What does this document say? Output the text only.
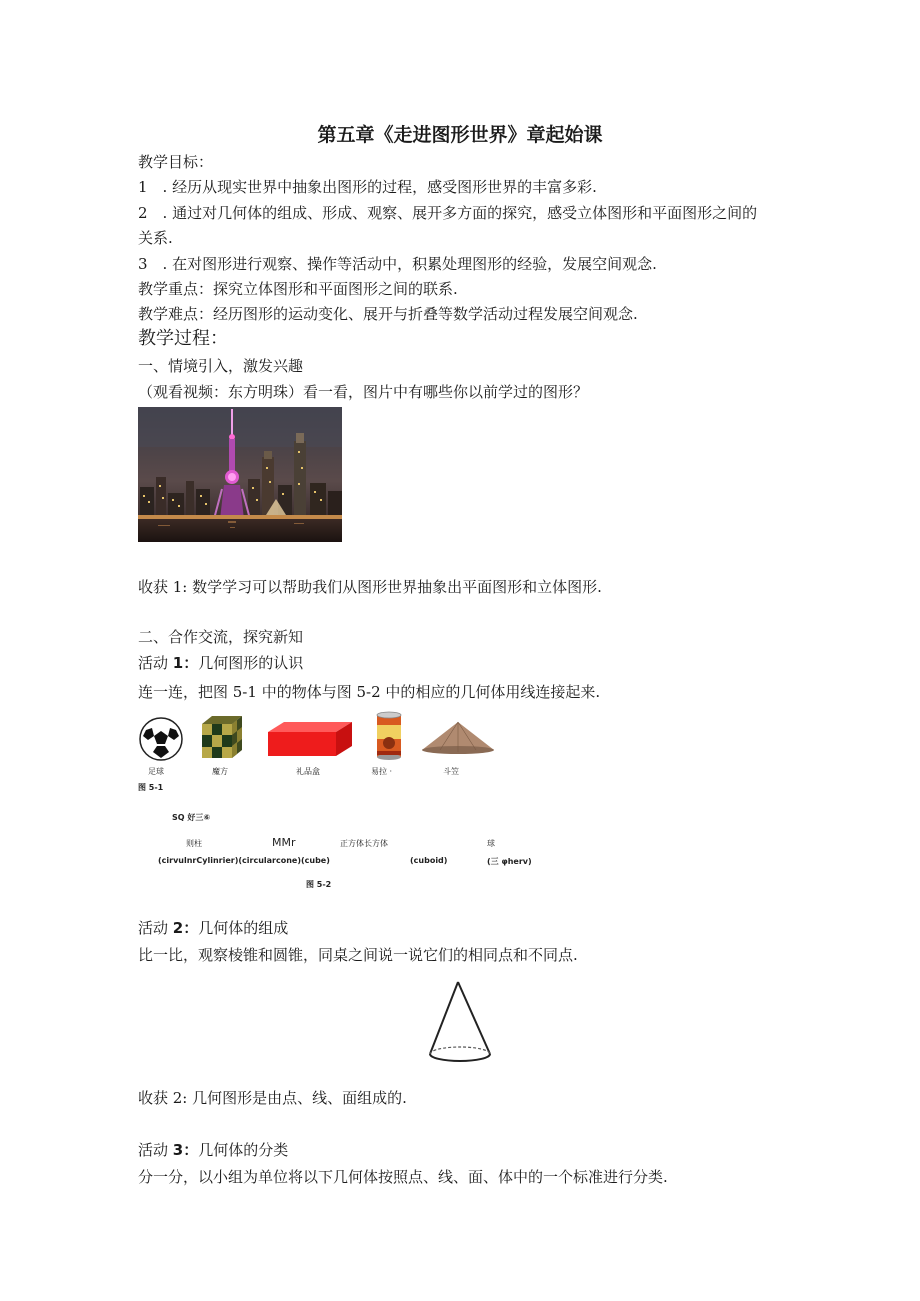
第五章《走进图形世界》章起始课
教学目标：
1　. 经历从现实世界中抽象出图形的过程，感受图形世界的丰富多彩.
2　. 通过对几何体的组成、形成、观察、展开多方面的探究，感受立体图形和平面图形之间的
关系.
3　. 在对图形进行观察、操作等活动中，积累处理图形的经验，发展空间观念.
教学重点：探究立体图形和平面图形之间的联系.
教学难点：经历图形的运动变化、展开与折叠等数学活动过程发展空间观念.
教学过程：
一、情境引入，激发兴趣
（观看视频：东方明珠）看一看，图片中有哪些你以前学过的图形？
收获 1: 数学学习可以帮助我们从图形世界抽象出平面图形和立体图形.
二、合作交流，探究新知
活动 1：几何图形的认识
连一连，把图 5-1 中的物体与图 5-2 中的相应的几何体用线连接起来.
足球	魔方	礼品盒	易拉 ·	斗笠
图 5-1
SQ 好三⑥
则柱	MMr	正方体长方体	球
(cirvulnrCylinrier)(circularcone)(cube)	(cuboid)	(三 φherv)
图 5-2
活动 2：几何体的组成
比一比，观察棱锥和圆锥，同桌之间说一说它们的相同点和不同点.
收获 2: 几何图形是由点、线、面组成的.
活动 3：几何体的分类
分一分，以小组为单位将以下几何体按照点、线、面、体中的一个标准进行分类.
